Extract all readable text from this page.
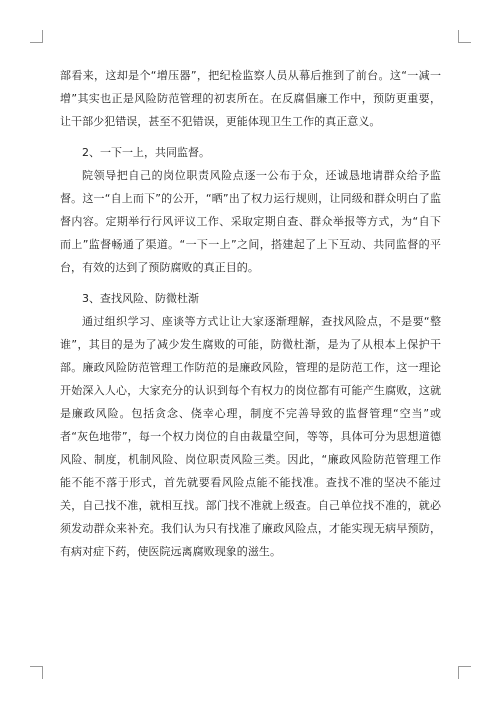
部看来，这却是个“增压器”，把纪检监察人员从幕后推到了前台。这“一减一增”其实也正是风险防范管理的初衷所在。在反腐倡廉工作中，预防更重要，让干部少犯错误，甚至不犯错误，更能体现卫生工作的真正意义。

2、一下一上，共同监督。

院领导把自己的岗位职责风险点逐一公布于众，还诚恳地请群众给予监督。这一“自上而下”的公开，“晒”出了权力运行规则，让同级和群众明白了监督内容。定期举行行风评议工作、采取定期自查、群众举报等方式，为“自下而上”监督畅通了渠道。“一下一上”之间，搭建起了上下互动、共同监督的平台，有效的达到了预防腐败的真正目的。

3、查找风险、防微杜渐

通过组织学习、座谈等方式让让大家逐渐理解，查找风险点，不是要“整谁”，其目的是为了减少发生腐败的可能，防微杜渐，是为了从根本上保护干部。廉政风险防范管理工作防范的是廉政风险，管理的是防范工作，这一理论开始深入人心，大家充分的认识到每个有权力的岗位都有可能产生腐败，这就是廉政风险。包括贪念、侥幸心理，制度不完善导致的监督管理“空当”或者“灰色地带”，每一个权力岗位的自由裁量空间，等等，具体可分为思想道德风险、制度，机制风险、岗位职责风险三类。因此，“廉政风险防范管理工作能不能不落于形式，首先就要看风险点能不能找准。查找不准的坚决不能过关，自己找不准，就相互找。部门找不准就上级查。自己单位找不准的，就必须发动群众来补充。我们认为只有找准了廉政风险点，才能实现无病早预防，有病对症下药，使医院远离腐败现象的滋生。
